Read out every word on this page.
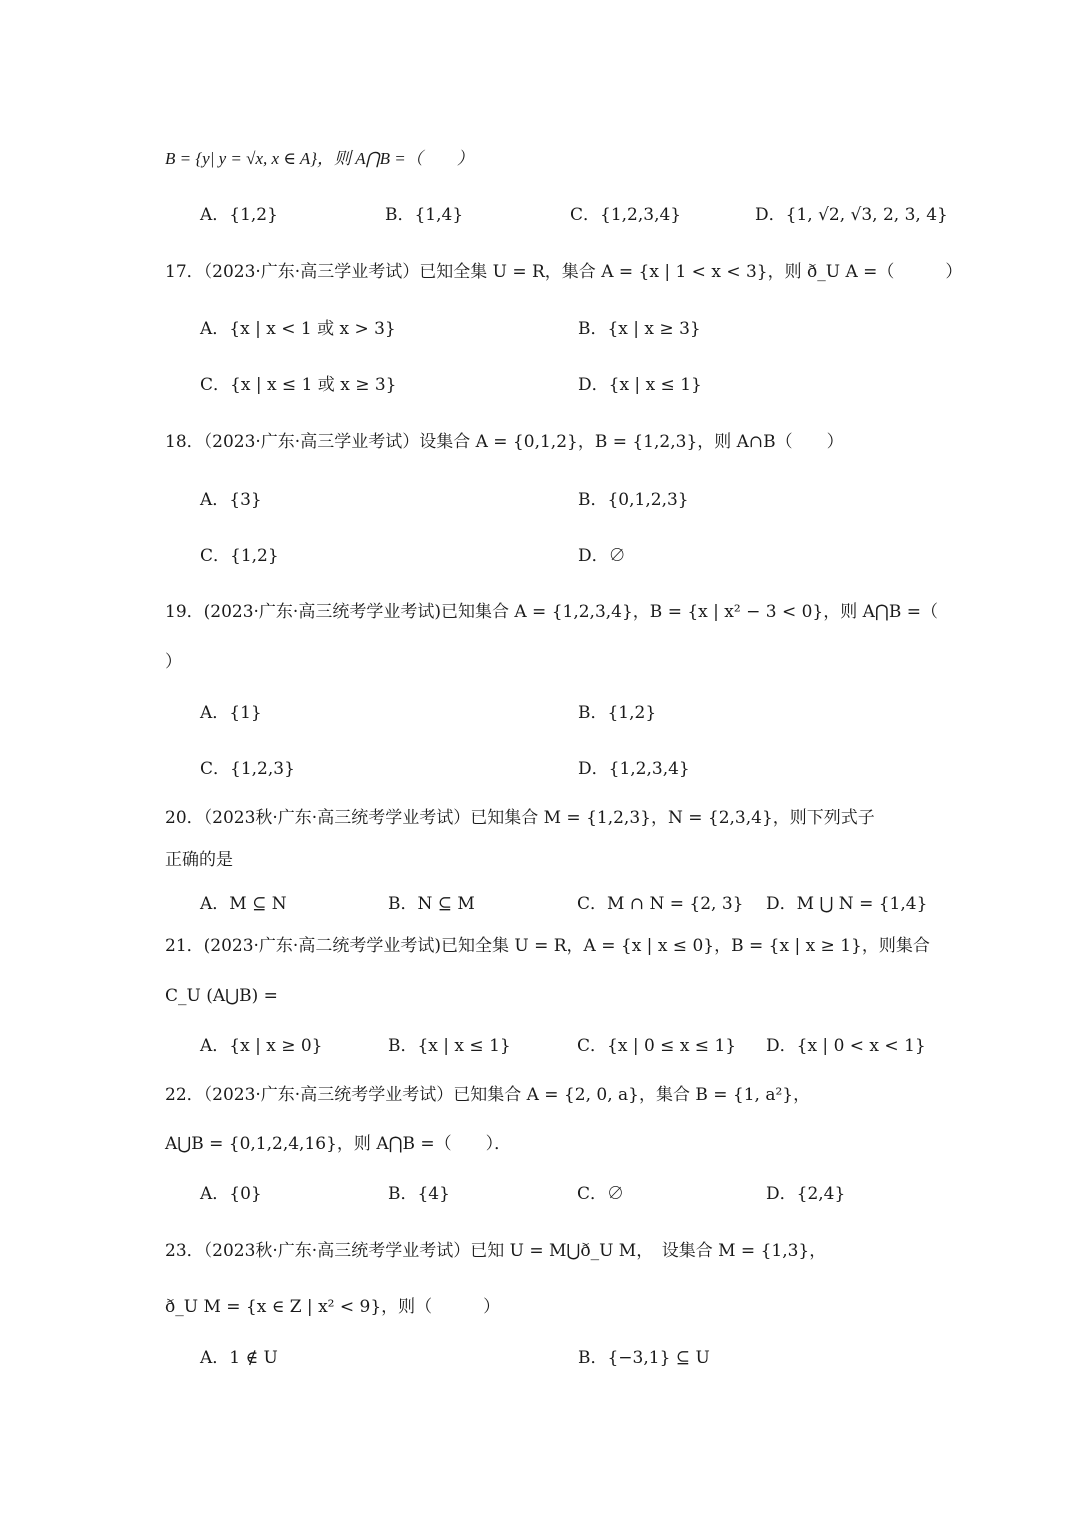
B = {y| y = √x, x ∈ A}，则 A⋂B =（　　）
A．{1,2}	B．{1,4}	C．{1,2,3,4}	D．{1, √2, √3, 2, 3, 4}
17．（2023·广东·高三学业考试）已知全集 U = R，集合 A = {x | 1 < x < 3}，则 ð_U A =（　　　）
A．{x | x < 1 或 x > 3}	B．{x | x ≥ 3}
C．{x | x ≤ 1 或 x ≥ 3}	D．{x | x ≤ 1}
18．（2023·广东·高三学业考试）设集合 A = {0,1,2}，B = {1,2,3}，则 A∩B（　　）
A．{3}	B．{0,1,2,3}
C．{1,2}	D．∅
19．(2023·广东·高三统考学业考试)已知集合 A = {1,2,3,4}，B = {x | x² − 3 < 0}，则 A⋂B =（
）
A．{1}	B．{1,2}
C．{1,2,3}	D．{1,2,3,4}
20．（2023秋·广东·高三统考学业考试）已知集合 M = {1,2,3}，N = {2,3,4}，则下列式子
正确的是
A．M ⊆ N	B．N ⊆ M	C．M ∩ N = {2, 3} D．M ⋃ N = {1,4}
21．(2023·广东·高二统考学业考试)已知全集 U = R，A = {x | x ≤ 0}，B = {x | x ≥ 1}，则集合
C_U (A⋃B) =
A．{x | x ≥ 0}	B．{x | x ≤ 1}	C．{x | 0 ≤ x ≤ 1} D．{x | 0 < x < 1}
22．（2023·广东·高三统考学业考试）已知集合 A = {2, 0, a}，集合 B = {1, a²}，
A⋃B = {0,1,2,4,16}，则 A⋂B =（　　）．
A．{0}	B．{4}	C．∅	D．{2,4}
23．（2023秋·广东·高三统考学业考试）已知 U = M⋃ð_U M，　设集合 M = {1,3}，
ð_U M = {x ∈ Z | x² < 9}，则（　　　）
A．1 ∉ U	B．{−3,1} ⊆ U
